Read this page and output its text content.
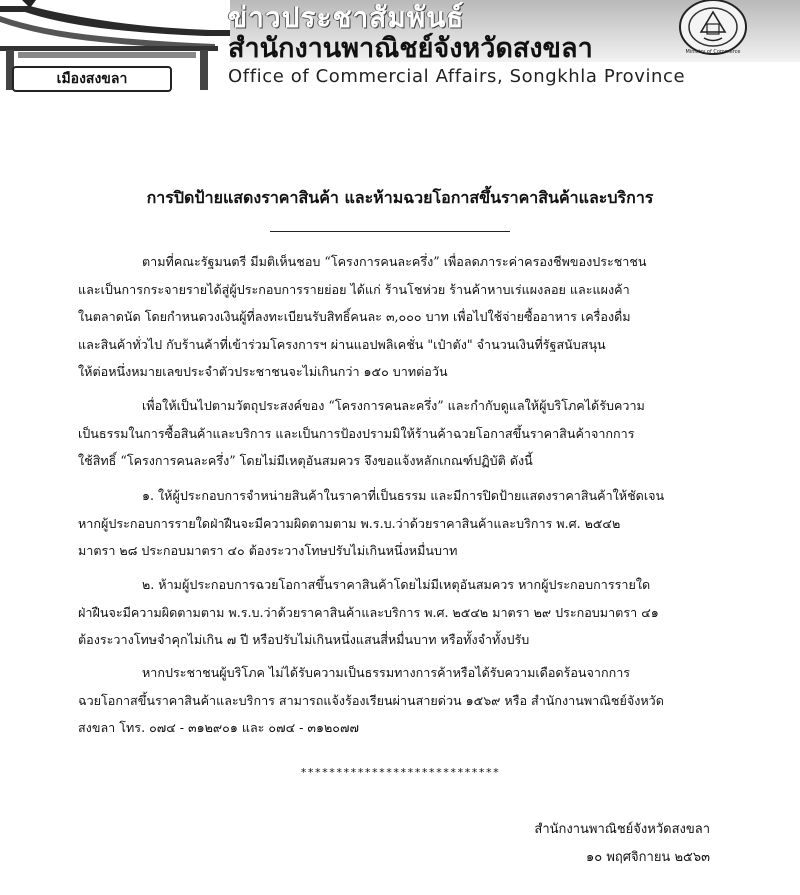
เมืองสงขลา
ข่าวประชาสัมพันธ์
สำนักงานพาณิชย์จังหวัดสงขลา
Office of Commercial Affairs, Songkhla Province
Ministry of Commerce
การปิดป้ายแสดงราคาสินค้า และห้ามฉวยโอกาสขึ้นราคาสินค้าและบริการ
ตามที่คณะรัฐมนตรี มีมติเห็นชอบ “โครงการคนละครึ่ง” เพื่อลดภาระค่าครองชีพของประชาชน
และเป็นการกระจายรายได้สู่ผู้ประกอบการรายย่อย ได้แก่ ร้านโชห่วย ร้านค้าหาบเร่แผงลอย และแผงค้า
ในตลาดนัด โดยกำหนดวงเงินผู้ที่ลงทะเบียนรับสิทธิ์คนละ ๓,๐๐๐ บาท เพื่อไปใช้จ่ายซื้ออาหาร เครื่องดื่ม
และสินค้าทั่วไป กับร้านค้าที่เข้าร่วมโครงการฯ ผ่านแอปพลิเคชั่น "เป๋าตัง" จำนวนเงินที่รัฐสนับสนุน
ให้ต่อหนึ่งหมายเลขประจำตัวประชาชนจะไม่เกินกว่า ๑๕๐ บาทต่อวัน
เพื่อให้เป็นไปตามวัตถุประสงค์ของ “โครงการคนละครึ่ง” และกำกับดูแลให้ผู้บริโภคได้รับความ
เป็นธรรมในการซื้อสินค้าและบริการ และเป็นการป้องปรามมิให้ร้านค้าฉวยโอกาสขึ้นราคาสินค้าจากการ
ใช้สิทธิ์ “โครงการคนละครึ่ง” โดยไม่มีเหตุอันสมควร จึงขอแจ้งหลักเกณฑ์ปฏิบัติ ดังนี้
๑. ให้ผู้ประกอบการจำหน่ายสินค้าในราคาที่เป็นธรรม และมีการปิดป้ายแสดงราคาสินค้าให้ชัดเจน
หากผู้ประกอบการรายใดฝ่าฝืนจะมีความผิดตามตาม พ.ร.บ.ว่าด้วยราคาสินค้าและบริการ พ.ศ. ๒๕๔๒
มาตรา ๒๘ ประกอบมาตรา ๔๐ ต้องระวางโทษปรับไม่เกินหนึ่งหมื่นบาท
๒. ห้ามผู้ประกอบการฉวยโอกาสขึ้นราคาสินค้าโดยไม่มีเหตุอันสมควร หากผู้ประกอบการรายใด
ฝ่าฝืนจะมีความผิดตามตาม พ.ร.บ.ว่าด้วยราคาสินค้าและบริการ พ.ศ. ๒๕๔๒ มาตรา ๒๙ ประกอบมาตรา ๔๑
ต้องระวางโทษจำคุกไม่เกิน ๗ ปี หรือปรับไม่เกินหนึ่งแสนสี่หมื่นบาท หรือทั้งจำทั้งปรับ
หากประชาชนผู้บริโภค ไม่ได้รับความเป็นธรรมทางการค้าหรือได้รับความเดือดร้อนจากการ
ฉวยโอกาสขึ้นราคาสินค้าและบริการ สามารถแจ้งร้องเรียนผ่านสายด่วน ๑๕๖๙ หรือ สำนักงานพาณิชย์จังหวัด
สงขลา โทร. ๐๗๔ - ๓๑๒๙๐๑ และ ๐๗๔ - ๓๑๒๐๗๗
****************************
สำนักงานพาณิชย์จังหวัดสงขลา
๑๐ พฤศจิกายน ๒๕๖๓
